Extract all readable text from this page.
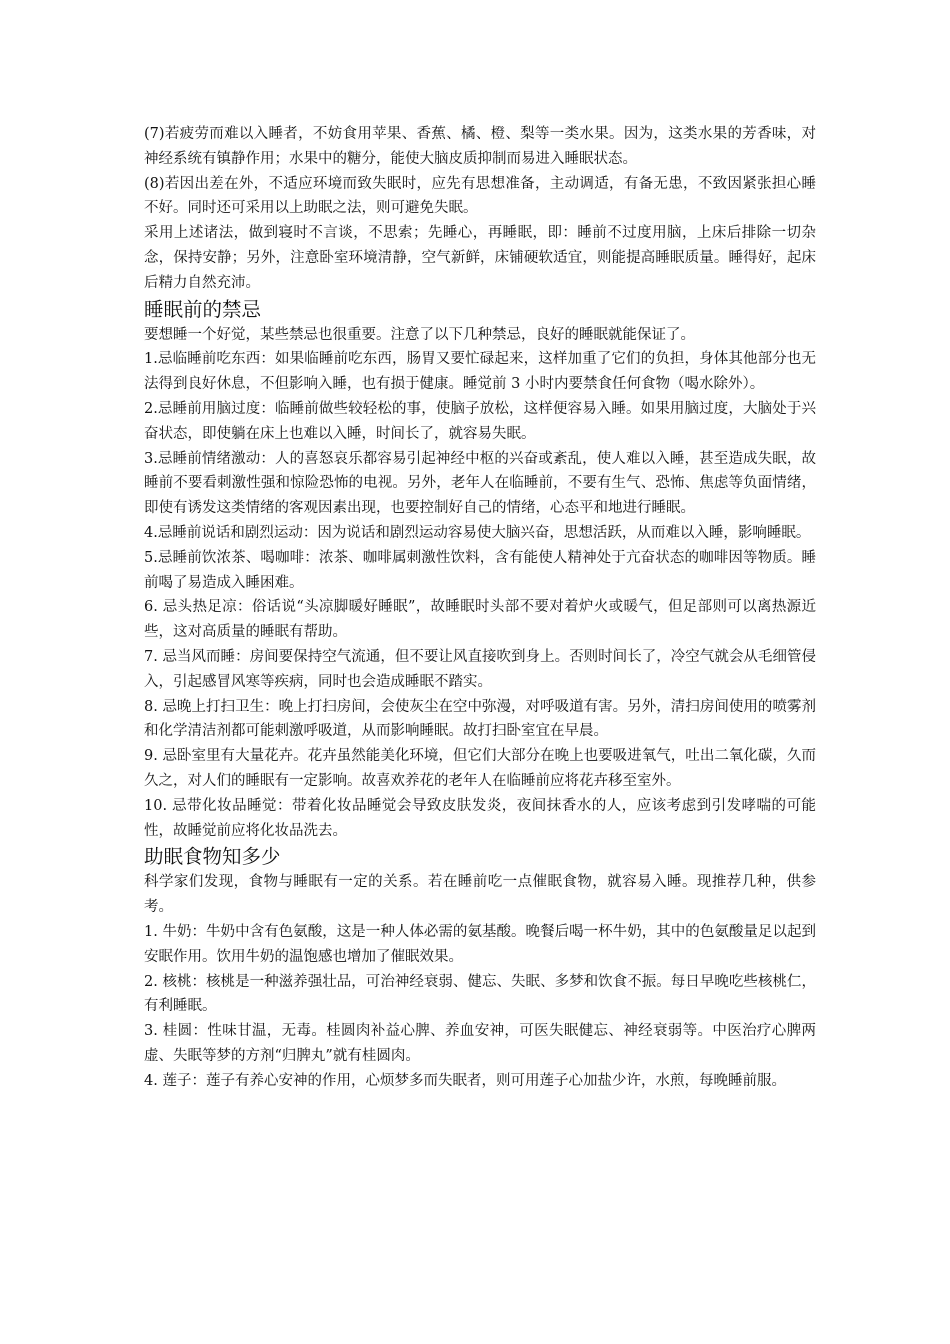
(7)若疲劳而难以入睡者，不妨食用苹果、香蕉、橘、橙、梨等一类水果。因为，这类水果的芳香味，对神经系统有镇静作用；水果中的糖分，能使大脑皮质抑制而易进入睡眠状态。

(8)若因出差在外，不适应环境而致失眠时，应先有思想准备，主动调适，有备无患，不致因紧张担心睡不好。同时还可采用以上助眠之法，则可避免失眠。

采用上述诸法，做到寝时不言谈，不思索；先睡心，再睡眠，即：睡前不过度用脑，上床后排除一切杂念，保持安静；另外，注意卧室环境清静，空气新鲜，床铺硬软适宜，则能提高睡眠质量。睡得好，起床后精力自然充沛。

睡眠前的禁忌

要想睡一个好觉，某些禁忌也很重要。注意了以下几种禁忌，良好的睡眠就能保证了。

1.忌临睡前吃东西：如果临睡前吃东西，肠胃又要忙碌起来，这样加重了它们的负担，身体其他部分也无法得到良好休息，不但影响入睡，也有损于健康。睡觉前 3 小时内要禁食任何食物（喝水除外）。

2.忌睡前用脑过度：临睡前做些较轻松的事，使脑子放松，这样便容易入睡。如果用脑过度，大脑处于兴奋状态，即使躺在床上也难以入睡，时间长了，就容易失眠。

3.忌睡前情绪激动：人的喜怒哀乐都容易引起神经中枢的兴奋或紊乱，使人难以入睡，甚至造成失眠，故睡前不要看刺激性强和惊险恐怖的电视。另外，老年人在临睡前，不要有生气、恐怖、焦虑等负面情绪，即使有诱发这类情绪的客观因素出现，也要控制好自己的情绪，心态平和地进行睡眠。

4.忌睡前说话和剧烈运动：因为说话和剧烈运动容易使大脑兴奋，思想活跃，从而难以入睡，影响睡眠。

5.忌睡前饮浓茶、喝咖啡：浓茶、咖啡属刺激性饮料，含有能使人精神处于亢奋状态的咖啡因等物质。睡前喝了易造成入睡困难。

6. 忌头热足凉：俗话说“头凉脚暖好睡眠”，故睡眠时头部不要对着炉火或暖气，但足部则可以离热源近些，这对高质量的睡眠有帮助。

7. 忌当风而睡：房间要保持空气流通，但不要让风直接吹到身上。否则时间长了，冷空气就会从毛细管侵入，引起感冒风寒等疾病，同时也会造成睡眠不踏实。

8. 忌晚上打扫卫生：晚上打扫房间，会使灰尘在空中弥漫，对呼吸道有害。另外，清扫房间使用的喷雾剂和化学清洁剂都可能刺激呼吸道，从而影响睡眠。故打扫卧室宜在早晨。

9. 忌卧室里有大量花卉。花卉虽然能美化环境，但它们大部分在晚上也要吸进氧气，吐出二氧化碳，久而久之，对人们的睡眠有一定影响。故喜欢养花的老年人在临睡前应将花卉移至室外。

10. 忌带化妆品睡觉：带着化妆品睡觉会导致皮肤发炎，夜间抹香水的人，应该考虑到引发哮喘的可能性，故睡觉前应将化妆品洗去。

助眠食物知多少

科学家们发现，食物与睡眠有一定的关系。若在睡前吃一点催眠食物，就容易入睡。现推荐几种，供参考。

1. 牛奶：牛奶中含有色氨酸，这是一种人体必需的氨基酸。晚餐后喝一杯牛奶，其中的色氨酸量足以起到安眠作用。饮用牛奶的温饱感也增加了催眠效果。

2. 核桃：核桃是一种滋养强壮品，可治神经衰弱、健忘、失眠、多梦和饮食不振。每日早晚吃些核桃仁，有利睡眠。

3. 桂圆：性味甘温，无毒。桂圆肉补益心脾、养血安神，可医失眠健忘、神经衰弱等。中医治疗心脾两虚、失眠等梦的方剂“归脾丸”就有桂圆肉。

4. 莲子：莲子有养心安神的作用，心烦梦多而失眠者，则可用莲子心加盐少许，水煎，每晚睡前服。
